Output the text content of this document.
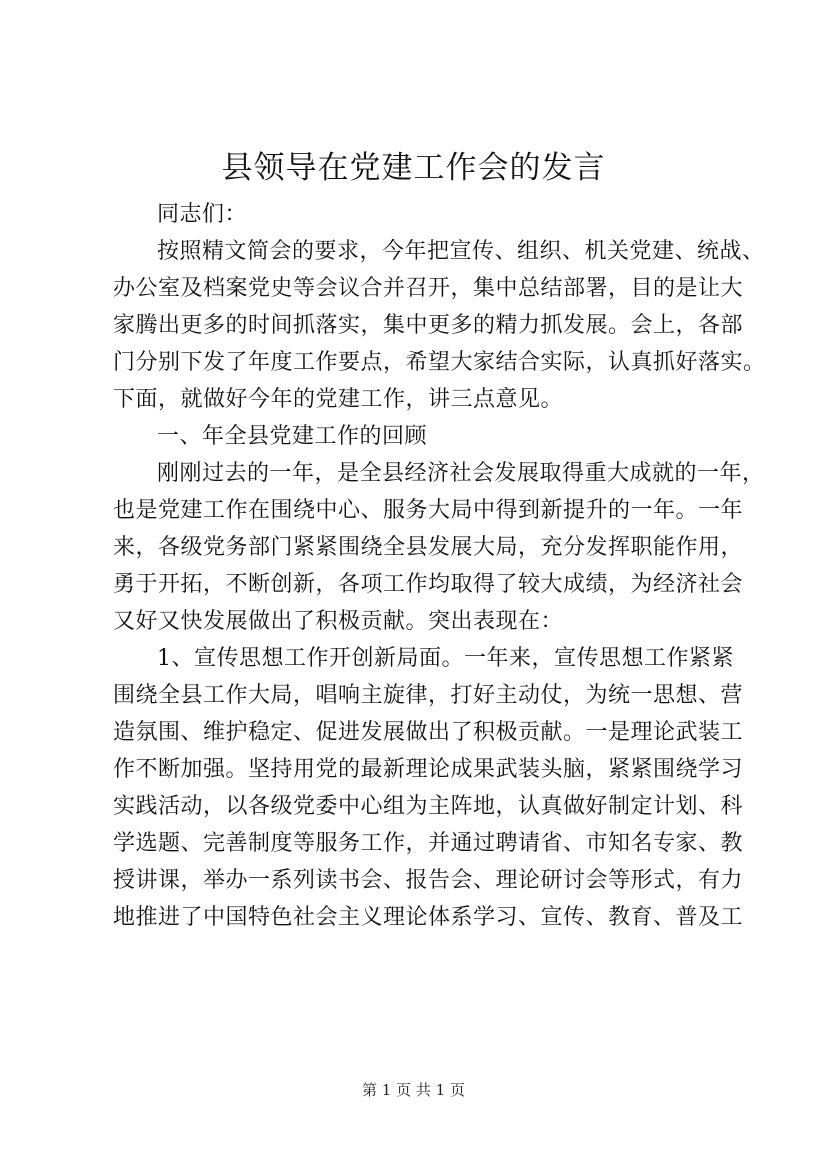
县领导在党建工作会的发言
同志们：
按照精文简会的要求，今年把宣传、组织、机关党建、统战、
办公室及档案党史等会议合并召开，集中总结部署，目的是让大
家腾出更多的时间抓落实，集中更多的精力抓发展。会上，各部
门分别下发了年度工作要点，希望大家结合实际，认真抓好落实。
下面，就做好今年的党建工作，讲三点意见。
一、年全县党建工作的回顾
刚刚过去的一年，是全县经济社会发展取得重大成就的一年，
也是党建工作在围绕中心、服务大局中得到新提升的一年。一年
来，各级党务部门紧紧围绕全县发展大局，充分发挥职能作用，
勇于开拓，不断创新，各项工作均取得了较大成绩，为经济社会
又好又快发展做出了积极贡献。突出表现在：
1、宣传思想工作开创新局面。一年来，宣传思想工作紧紧
围绕全县工作大局，唱响主旋律，打好主动仗，为统一思想、营
造氛围、维护稳定、促进发展做出了积极贡献。一是理论武装工
作不断加强。坚持用党的最新理论成果武装头脑，紧紧围绕学习
实践活动，以各级党委中心组为主阵地，认真做好制定计划、科
学选题、完善制度等服务工作，并通过聘请省、市知名专家、教
授讲课，举办一系列读书会、报告会、理论研讨会等形式，有力
地推进了中国特色社会主义理论体系学习、宣传、教育、普及工
第 1 页 共 1 页
